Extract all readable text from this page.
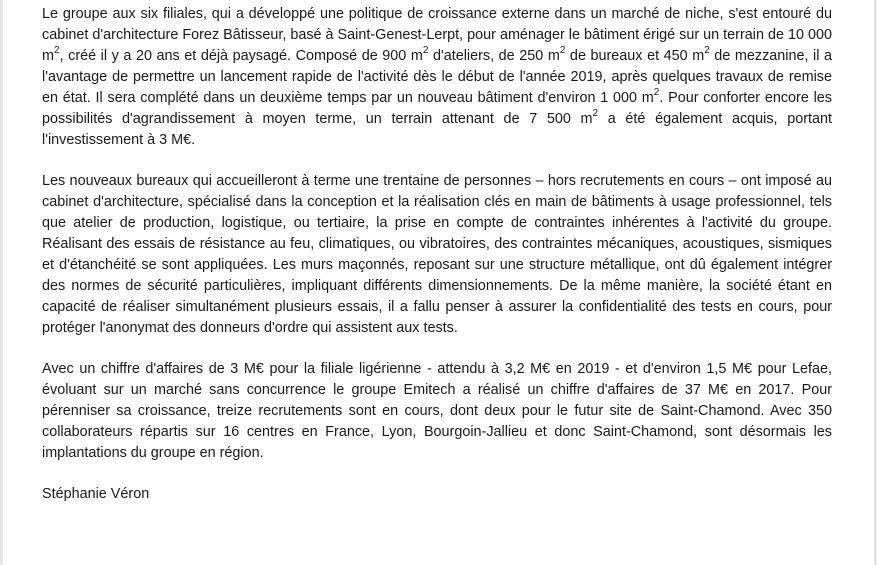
Le groupe aux six filiales, qui a développé une politique de croissance externe dans un marché de niche, s'est entouré du cabinet d'architecture Forez Bâtisseur, basé à Saint-Genest-Lerpt, pour aménager le bâtiment érigé sur un terrain de 10 000 $m^2$, créé il y a 20 ans et déjà paysagé. Composé de 900 $m^2$ d'ateliers, de 250 $m^2$ de bureaux et 450 $m^2$ de mezzanine, il a l'avantage de permettre un lancement rapide de l'activité dès le début de l'année 2019, après quelques travaux de remise en état. Il sera complété dans un deuxième temps par un nouveau bâtiment d'environ 1 000 $m^2$. Pour conforter encore les possibilités d'agrandissement à moyen terme, un terrain attenant de 7 500 $m^2$ a été également acquis, portant l'investissement à 3 M€.

Les nouveaux bureaux qui accueilleront à terme une trentaine de personnes – hors recrutements en cours – ont imposé au cabinet d'architecture, spécialisé dans la conception et la réalisation clés en main de bâtiments à usage professionnel, tels que atelier de production, logistique, ou tertiaire, la prise en compte de contraintes inhérentes à l'activité du groupe. Réalisant des essais de résistance au feu, climatiques, ou vibratoires, des contraintes mécaniques, acoustiques, sismiques et d'étanchéité se sont appliquées. Les murs maçonnés, reposant sur une structure métallique, ont dû également intégrer des normes de sécurité particulières, impliquant différents dimensionnements. De la même manière, la société étant en capacité de réaliser simultanément plusieurs essais, il a fallu penser à assurer la confidentialité des tests en cours, pour protéger l'anonymat des donneurs d'ordre qui assistent aux tests.

Avec un chiffre d'affaires de 3 M€ pour la filiale ligérienne - attendu à 3,2 M€ en 2019 - et d'environ 1,5 M€ pour Lefae, évoluant sur un marché sans concurrence le groupe Emitech a réalisé un chiffre d'affaires de 37 M€ en 2017. Pour pérenniser sa croissance, treize recrutements sont en cours, dont deux pour le futur site de Saint-Chamond. Avec 350 collaborateurs répartis sur 16 centres en France, Lyon, Bourgoin-Jallieu et donc Saint-Chamond, sont désormais les implantations du groupe en région.

Stéphanie Véron
